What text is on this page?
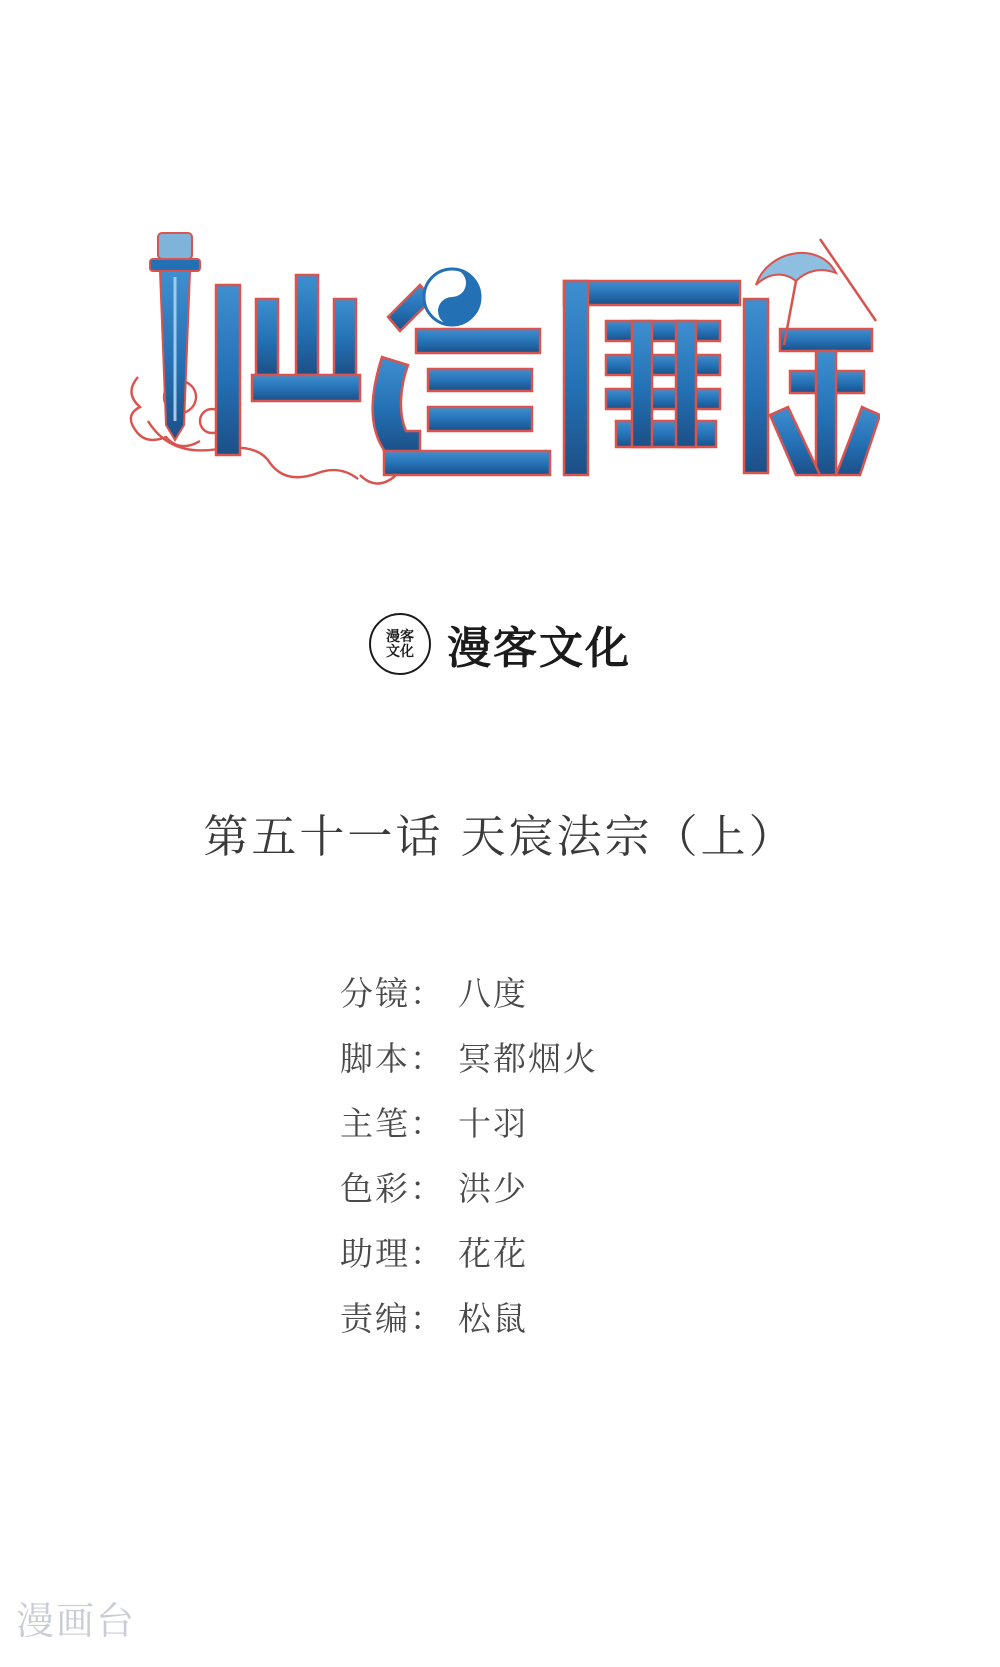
漫客
文化 漫客文化
第五十一话 天宸法宗（上）
分镜： 八度
脚本： 冥都烟火
主笔： 十羽
色彩： 洪少
助理： 花花
责编： 松鼠
漫画台
